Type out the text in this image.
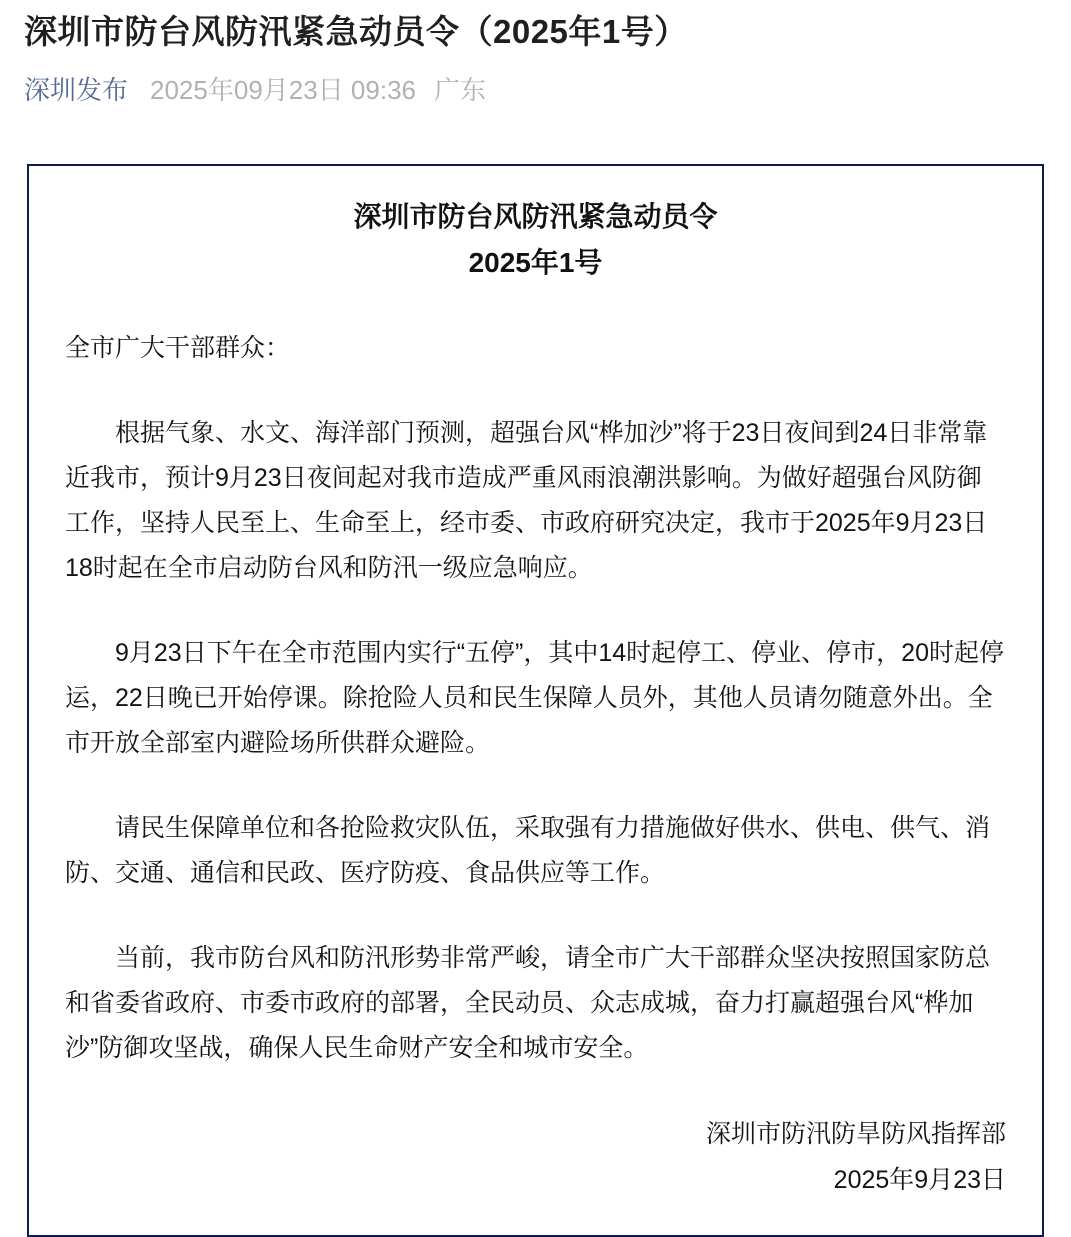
深圳市防台风防汛紧急动员令（2025年1号）
深圳发布 2025年09月23日 09:36 广东
深圳市防台风防汛紧急动员令
2025年1号

全市广大干部群众：

根据气象、水文、海洋部门预测，超强台风“桦加沙”将于23日夜间到24日非常靠近我市，预计9月23日夜间起对我市造成严重风雨浪潮洪影响。为做好超强台风防御工作，坚持人民至上、生命至上，经市委、市政府研究决定，我市于2025年9月23日18时起在全市启动防台风和防汛一级应急响应。

9月23日下午在全市范围内实行“五停”，其中14时起停工、停业、停市，20时起停运，22日晚已开始停课。除抢险人员和民生保障人员外，其他人员请勿随意外出。全市开放全部室内避险场所供群众避险。

请民生保障单位和各抢险救灾队伍，采取强有力措施做好供水、供电、供气、消防、交通、通信和民政、医疗防疫、食品供应等工作。

当前，我市防台风和防汛形势非常严峻，请全市广大干部群众坚决按照国家防总和省委省政府、市委市政府的部署，全民动员、众志成城，奋力打赢超强台风“桦加沙”防御攻坚战，确保人民生命财产安全和城市安全。

深圳市防汛防旱防风指挥部
2025年9月23日
